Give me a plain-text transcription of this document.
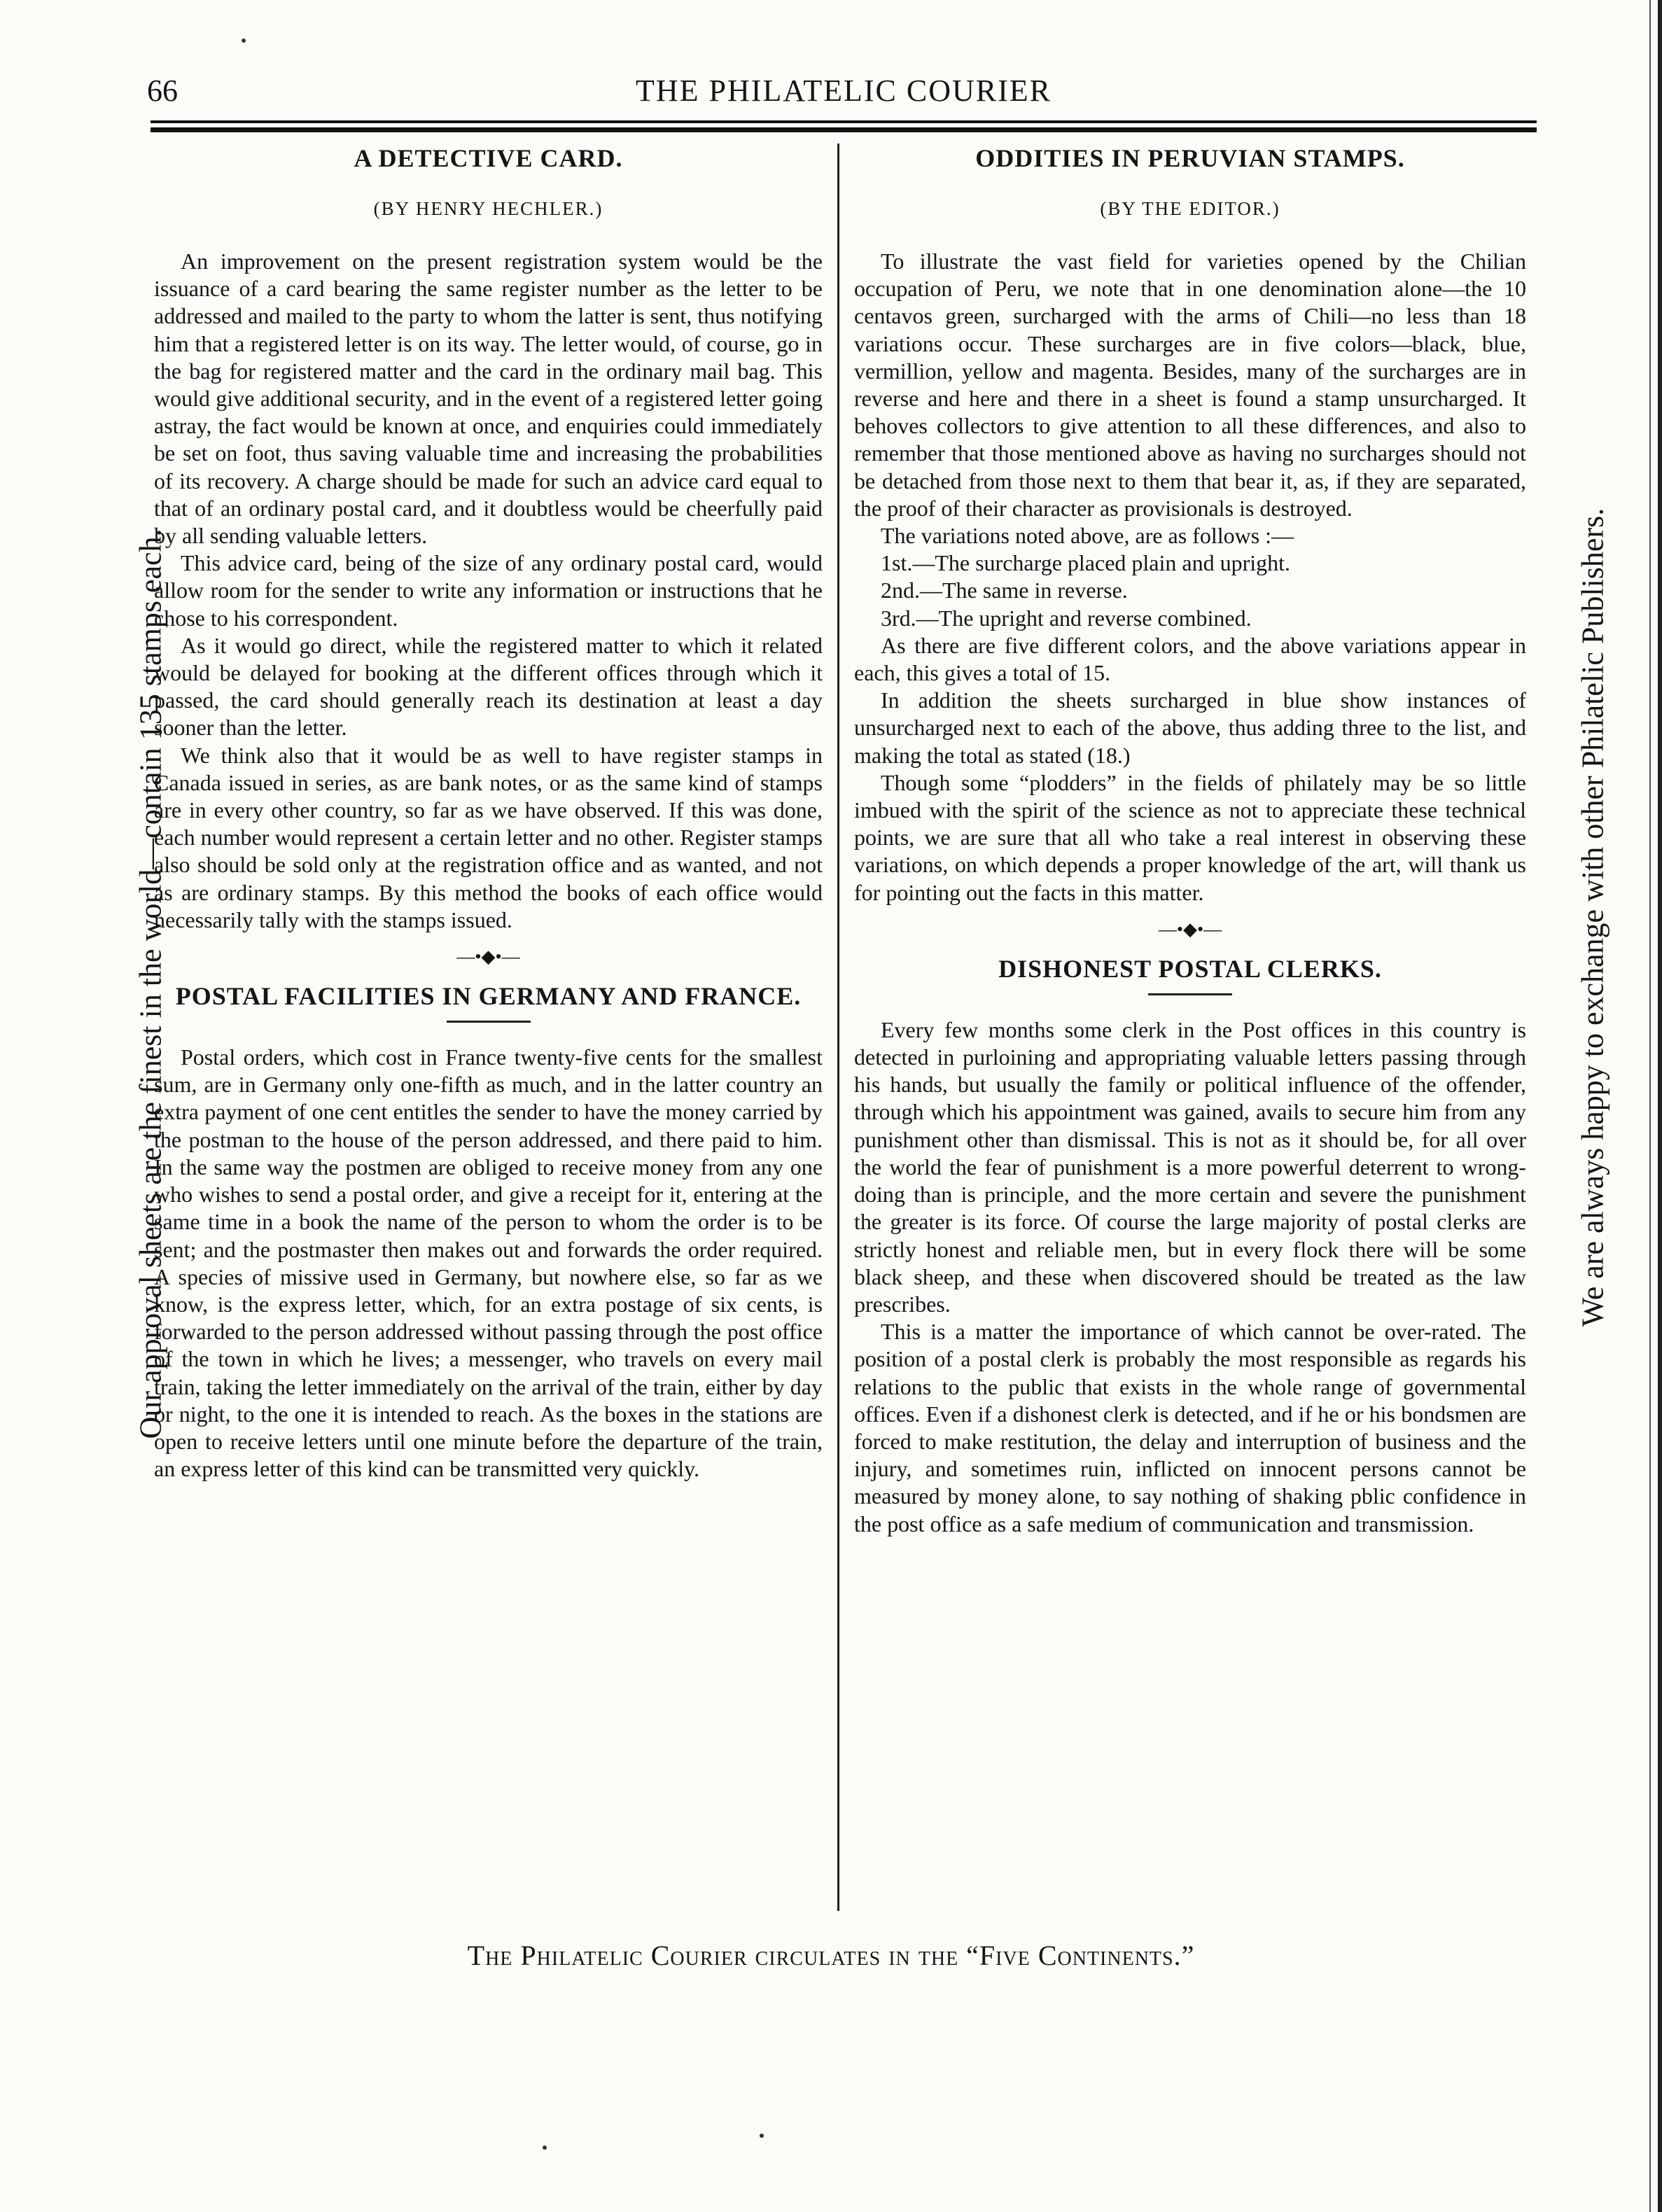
66	THE PHILATELIC COURIER
Our approval sheets are the finest in the world—contain 135 stamps each.	We are always happy to exchange with other Philatelic Publishers.
A DETECTIVE CARD.
(BY HENRY HECHLER.)

An improvement on the present registration system would be the issuance of a card bearing the same register number as the letter to be addressed and mailed to the party to whom the latter is sent, thus notifying him that a registered letter is on its way. The letter would, of course, go in the bag for registered matter and the card in the ordinary mail bag. This would give additional security, and in the event of a registered letter going astray, the fact would be known at once, and enquiries could immediately be set on foot, thus saving valuable time and increasing the probabilities of its recovery. A charge should be made for such an advice card equal to that of an ordinary postal card, and it doubtless would be cheerfully paid by all sending valuable letters.

This advice card, being of the size of any ordinary postal card, would allow room for the sender to write any information or instructions that he chose to his correspondent.

As it would go direct, while the registered matter to which it related would be delayed for booking at the different offices through which it passed, the card should generally reach its destination at least a day sooner than the letter.

We think also that it would be as well to have register stamps in Canada issued in series, as are bank notes, or as the same kind of stamps are in every other country, so far as we have observed. If this was done, each number would represent a certain letter and no other. Register stamps also should be sold only at the registration office and as wanted, and not as are ordinary stamps. By this method the books of each office would necessarily tally with the stamps issued.

—•◆•—
POSTAL FACILITIES IN GERMANY AND FRANCE.

Postal orders, which cost in France twenty-five cents for the smallest sum, are in Germany only one-fifth as much, and in the latter country an extra payment of one cent entitles the sender to have the money carried by the postman to the house of the person addressed, and there paid to him. In the same way the postmen are obliged to receive money from any one who wishes to send a postal order, and give a receipt for it, entering at the same time in a book the name of the person to whom the order is to be sent; and the postmaster then makes out and forwards the order required. A species of missive used in Germany, but nowhere else, so far as we know, is the express letter, which, for an extra postage of six cents, is forwarded to the person addressed without passing through the post office of the town in which he lives; a messenger, who travels on every mail train, taking the letter immediately on the arrival of the train, either by day or night, to the one it is intended to reach. As the boxes in the stations are open to receive letters until one minute before the departure of the train, an express letter of this kind can be transmitted very quickly.

ODDITIES IN PERUVIAN STAMPS.
(BY THE EDITOR.)

To illustrate the vast field for varieties opened by the Chilian occupation of Peru, we note that in one denomination alone—the 10 centavos green, surcharged with the arms of Chili—no less than 18 variations occur. These surcharges are in five colors—black, blue, vermillion, yellow and magenta. Besides, many of the surcharges are in reverse and here and there in a sheet is found a stamp unsurcharged. It behoves collectors to give attention to all these differences, and also to remember that those mentioned above as having no surcharges should not be detached from those next to them that bear it, as, if they are separated, the proof of their character as provisionals is destroyed.

The variations noted above, are as follows :—

1st.—The surcharge placed plain and upright.

2nd.—The same in reverse.

3rd.—The upright and reverse combined.

As there are five different colors, and the above variations appear in each, this gives a total of 15.

In addition the sheets surcharged in blue show instances of unsurcharged next to each of the above, thus adding three to the list, and making the total as stated (18.)

Though some “plodders” in the fields of philately may be so little imbued with the spirit of the science as not to appreciate these technical points, we are sure that all who take a real interest in observing these variations, on which depends a proper knowledge of the art, will thank us for pointing out the facts in this matter.

—•◆•—
DISHONEST POSTAL CLERKS.

Every few months some clerk in the Post offices in this country is detected in purloining and appropriating valuable letters passing through his hands, but usually the family or political influence of the offender, through which his appointment was gained, avails to secure him from any punishment other than dismissal. This is not as it should be, for all over the world the fear of punishment is a more powerful deterrent to wrong-doing than is principle, and the more certain and severe the punishment the greater is its force. Of course the large majority of postal clerks are strictly honest and reliable men, but in every flock there will be some black sheep, and these when discovered should be treated as the law prescribes.

This is a matter the importance of which cannot be over-rated. The position of a postal clerk is probably the most responsible as regards his relations to the public that exists in the whole range of governmental offices. Even if a dishonest clerk is detected, and if he or his bondsmen are forced to make restitution, the delay and interruption of business and the injury, and sometimes ruin, inflicted on innocent persons cannot be measured by money alone, to say nothing of shaking pblic confidence in the post office as a safe medium of communication and transmission.

The Philatelic Courier circulates in the “Five Continents.”
